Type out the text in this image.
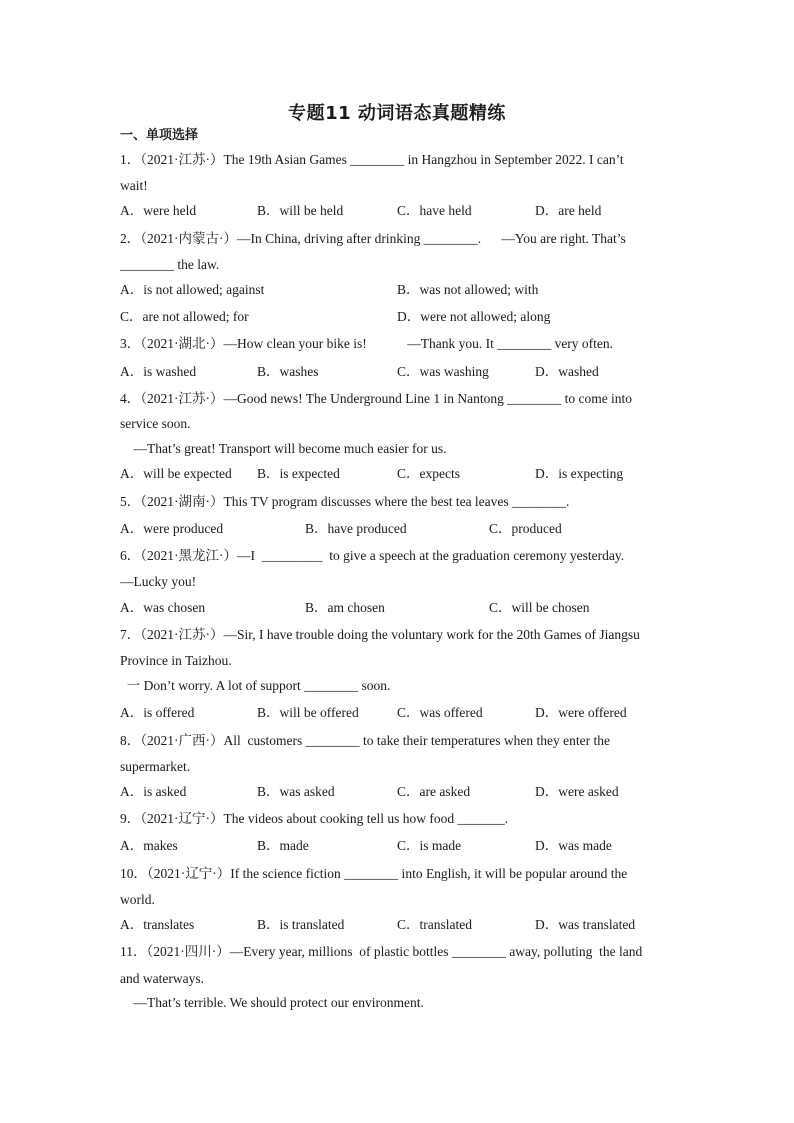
专题11 动词语态真题精练
一、单项选择
1．（2021·江苏·）The 19th Asian Games ________ in Hangzhou in September 2022. I can’t
wait!
A．were held	B．will be held	C．have held	D．are held
2．（2021·内蒙古·）—In China, driving after drinking ________.      —You are right. That’s
________ the law.
A．is not allowed; against	B．was not allowed; with
C．are not allowed; for	D．were not allowed; along
3．（2021·湖北·）—How clean your bike is!            —Thank you. It ________ very often.
A．is washed	B．washes	C．was washing	D．washed
4．（2021·江苏·）—Good news! The Underground Line 1 in Nantong ________ to come into
service soon.
—That’s great! Transport will become much easier for us.
A．will be expected B．is expected	C．expects	D．is expecting
5．（2021·湖南·）This TV program discusses where the best tea leaves ________.
A．were produced	B．have produced	C．produced
6．（2021·黑龙江·）—I  _________  to give a speech at the graduation ceremony yesterday.
—Lucky you!
A．was chosen	B．am chosen	C．will be chosen
7．（2021·江苏·）—Sir, I have trouble doing the voluntary work for the 20th Games of Jiangsu
Province in Taizhou.
一 Don’t worry. A lot of support ________ soon.
A．is offered	B．will be offered	C．was offered	D．were offered
8．（2021·广西·）All  customers ________ to take their temperatures when they enter the
supermarket.
A．is asked	B．was asked	C．are asked	D．were asked
9．（2021·辽宁·）The videos about cooking tell us how food _______.
A．makes	B．made	C．is made	D．was made
10．（2021·辽宁·）If the science fiction ________ into English, it will be popular around the
world.
A．translates	B．is translated	C．translated	D．was translated
11．（2021·四川·）—Every year, millions  of plastic bottles ________ away, polluting  the land
and waterways.
—That’s terrible. We should protect our environment.
